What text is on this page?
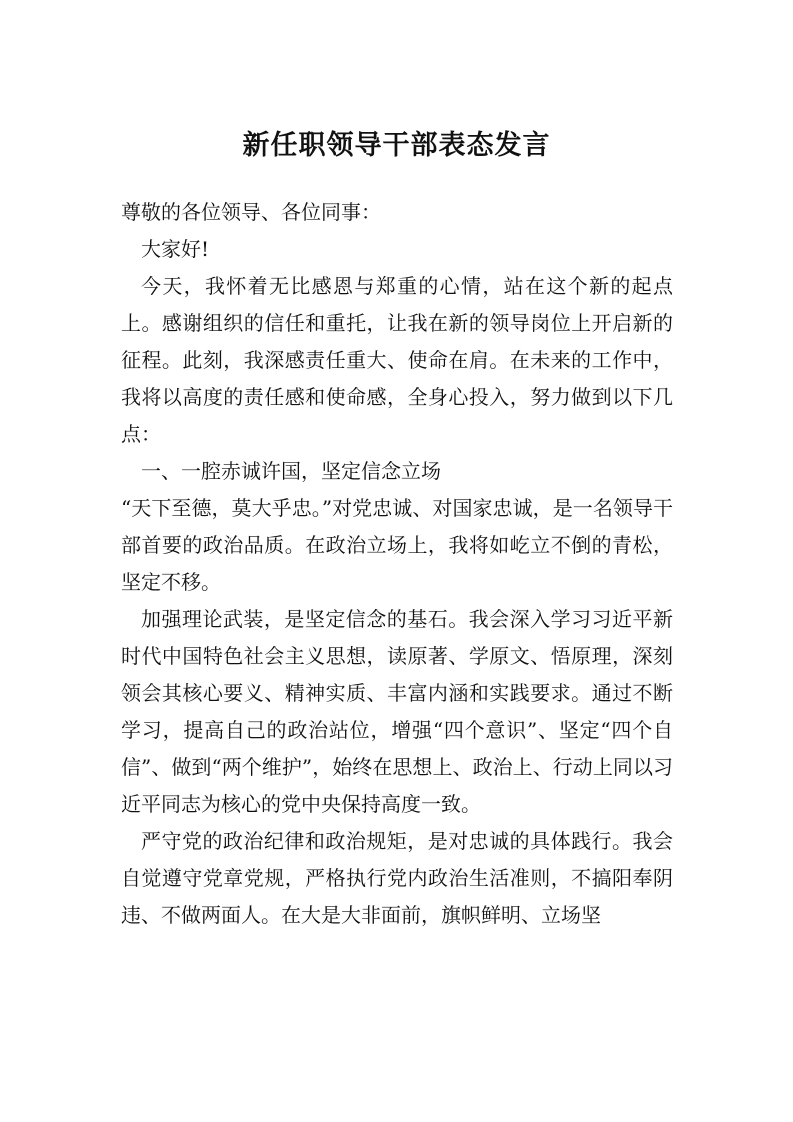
新任职领导干部表态发言

尊敬的各位领导、各位同事：

大家好!

今天，我怀着无比感恩与郑重的心情，站在这个新的起点上。感谢组织的信任和重托，让我在新的领导岗位上开启新的征程。此刻，我深感责任重大、使命在肩。在未来的工作中，我将以高度的责任感和使命感，全身心投入，努力做到以下几点：

一、一腔赤诚许国，坚定信念立场

“天下至德，莫大乎忠。”对党忠诚、对国家忠诚，是一名领导干部首要的政治品质。在政治立场上，我将如屹立不倒的青松，坚定不移。

加强理论武装，是坚定信念的基石。我会深入学习习近平新时代中国特色社会主义思想，读原著、学原文、悟原理，深刻领会其核心要义、精神实质、丰富内涵和实践要求。通过不断学习，提高自己的政治站位，增强“四个意识”、坚定“四个自信”、做到“两个维护”，始终在思想上、政治上、行动上同以习近平同志为核心的党中央保持高度一致。

严守党的政治纪律和政治规矩，是对忠诚的具体践行。我会自觉遵守党章党规，严格执行党内政治生活准则，不搞阳奉阴违、不做两面人。在大是大非面前，旗帜鲜明、立场坚
